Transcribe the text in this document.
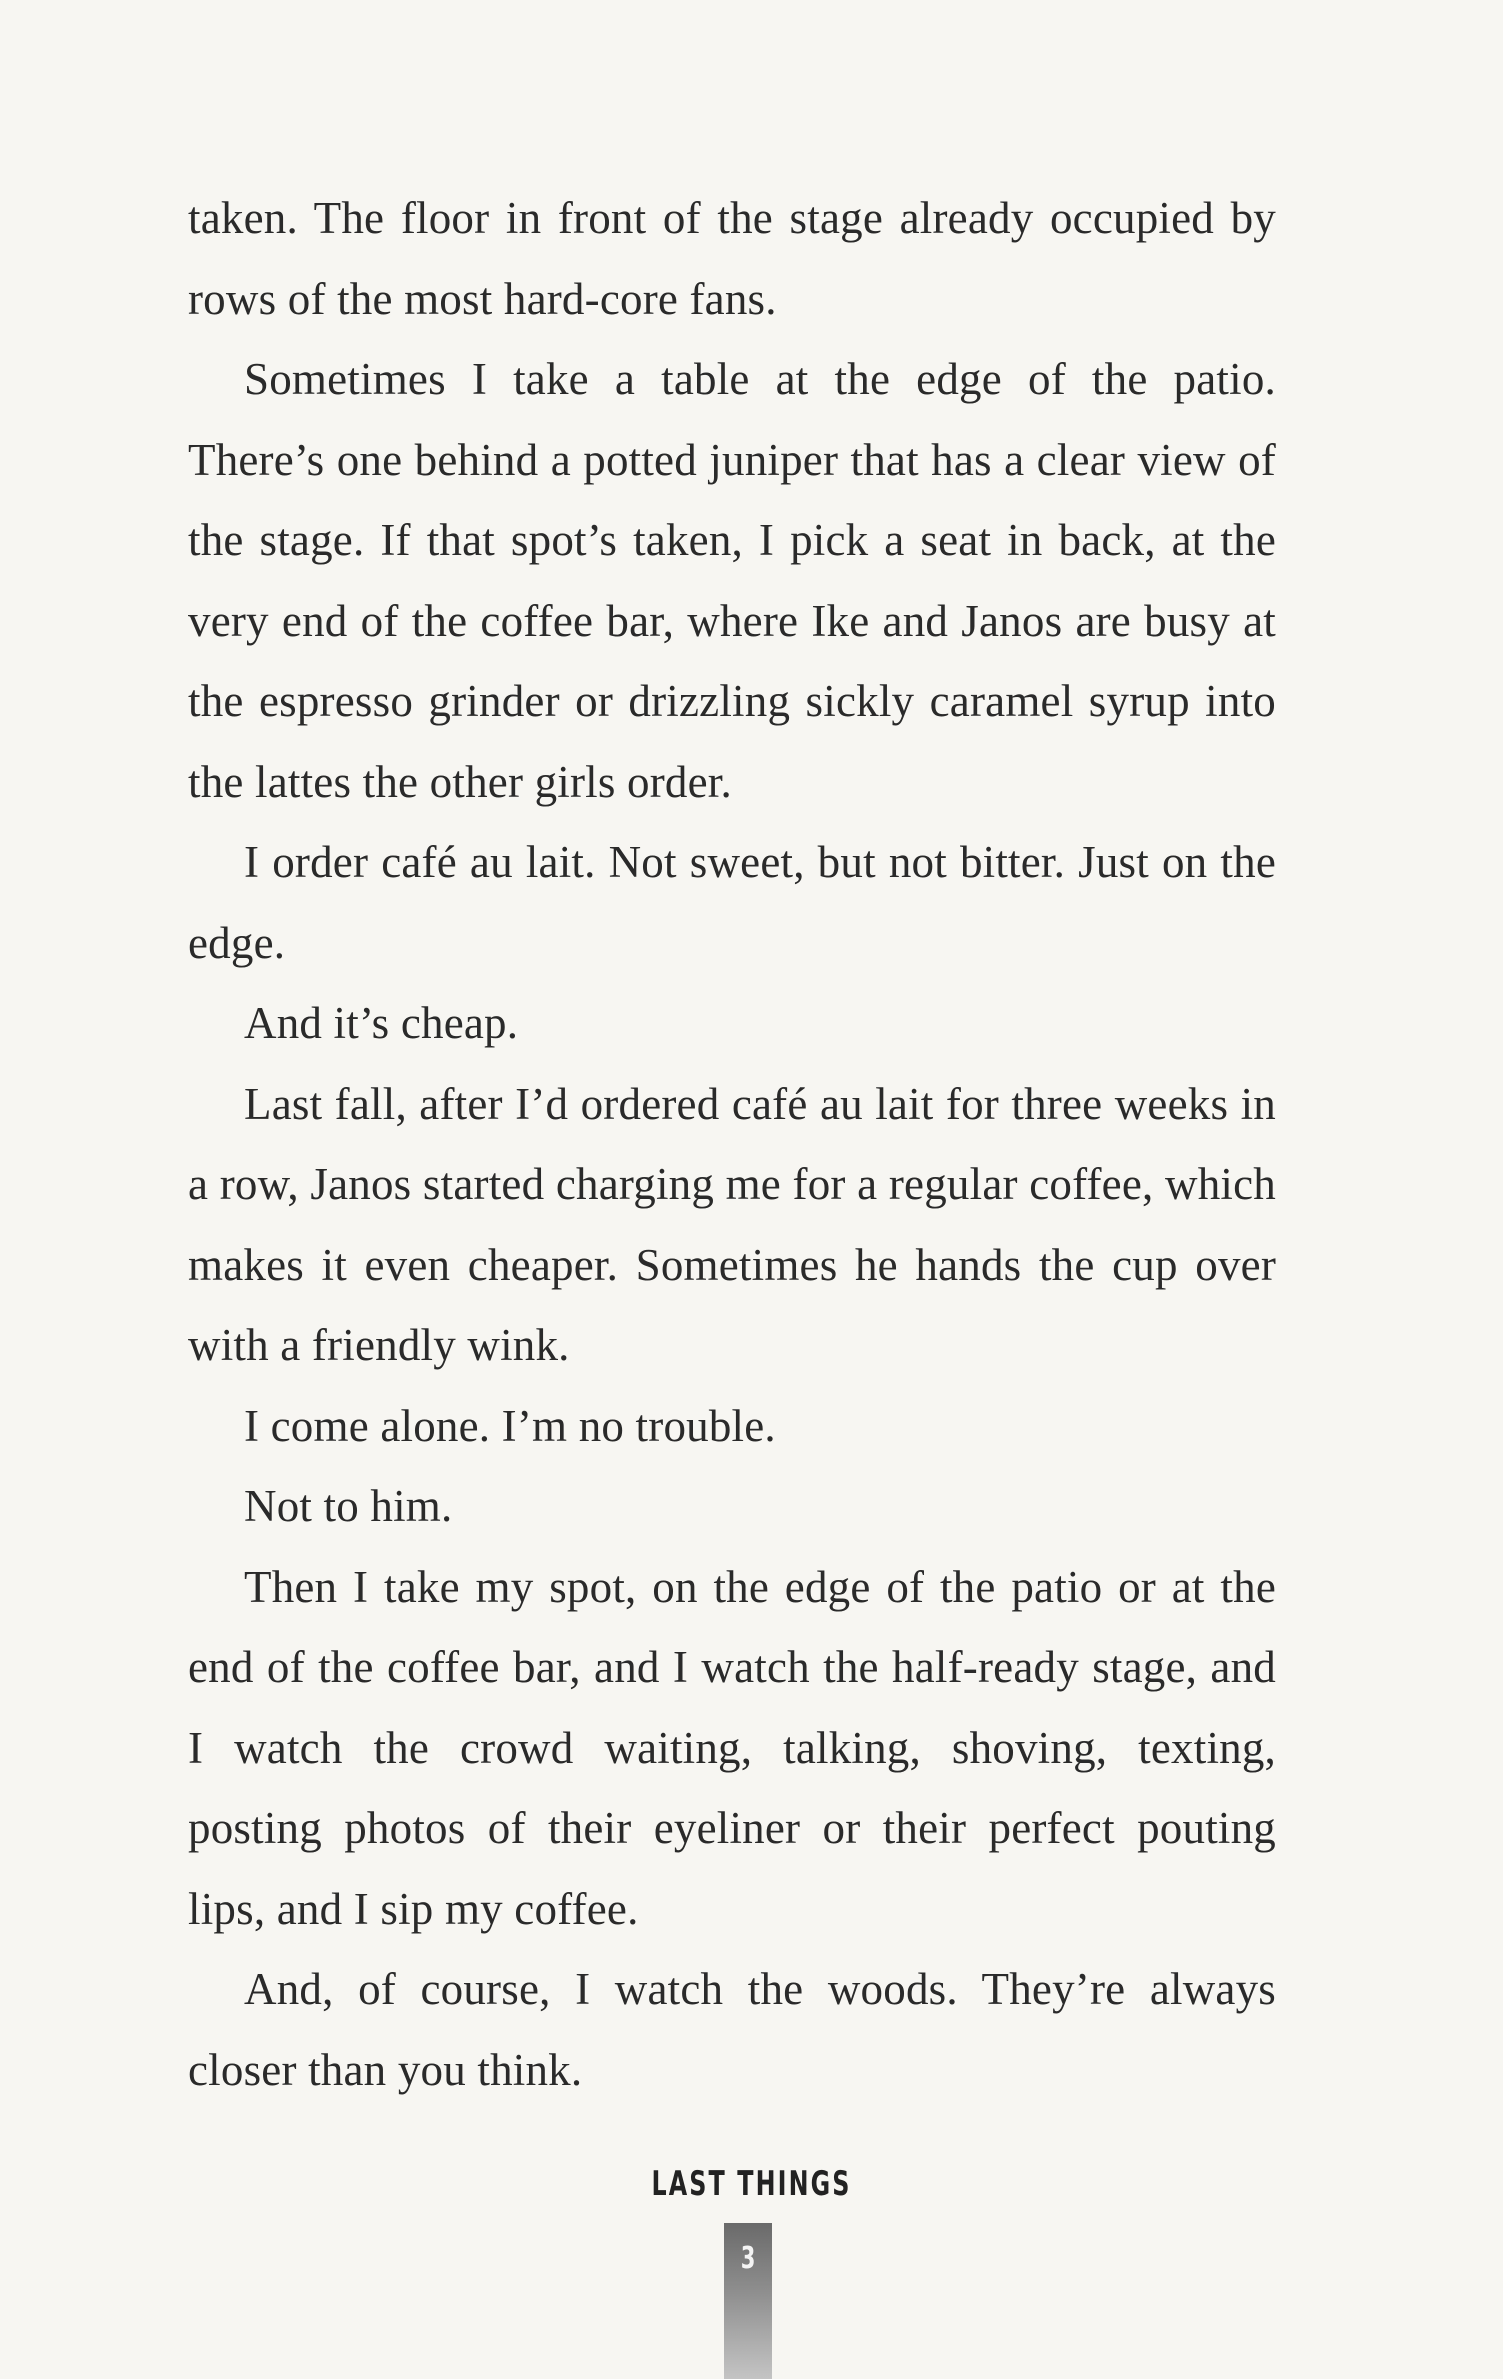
taken. The floor in front of the stage already occupied by rows of the most hard-core fans.

Sometimes I take a table at the edge of the patio. There’s one behind a potted juniper that has a clear view of the stage. If that spot’s taken, I pick a seat in back, at the very end of the coffee bar, where Ike and Janos are busy at the espresso grinder or drizzling sickly caramel syrup into the lattes the other girls order.

I order café au lait. Not sweet, but not bitter. Just on the edge.

And it’s cheap.

Last fall, after I’d ordered café au lait for three weeks in a row, Janos started charging me for a regular coffee, which makes it even cheaper. Sometimes he hands the cup over with a friendly wink.

I come alone. I’m no trouble.

Not to him.

Then I take my spot, on the edge of the patio or at the end of the coffee bar, and I watch the half-ready stage, and I watch the crowd waiting, talking, shoving, texting, posting photos of their eyeliner or their perfect pouting lips, and I sip my coffee.

And, of course, I watch the woods. They’re always closer than you think.

LAST THINGS
3
